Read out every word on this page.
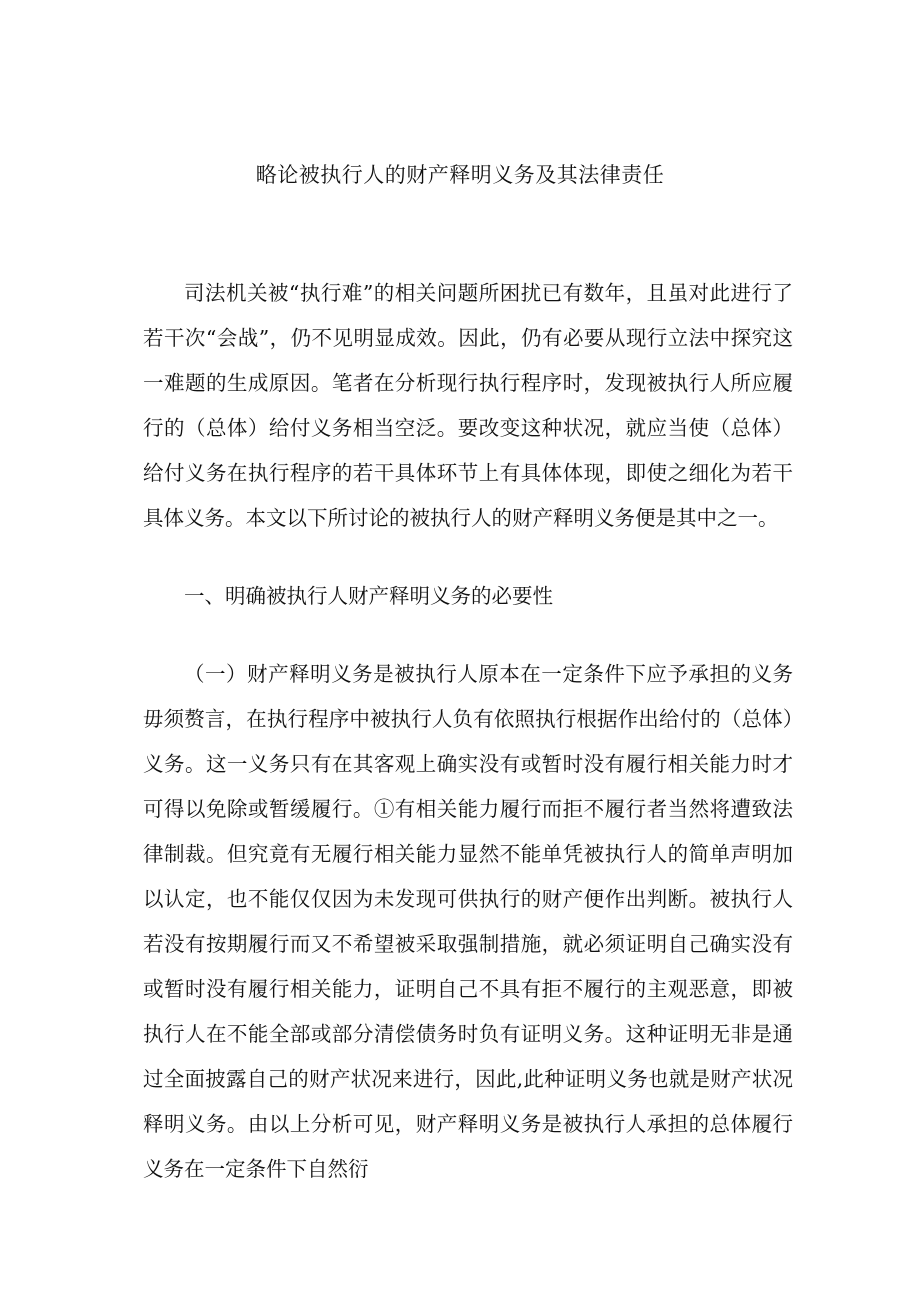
略论被执行人的财产释明义务及其法律责任

司法机关被“执行难”的相关问题所困扰已有数年，且虽对此进行了若干次“会战”，仍不见明显成效。因此，仍有必要从现行立法中探究这一难题的生成原因。笔者在分析现行执行程序时，发现被执行人所应履行的（总体）给付义务相当空泛。要改变这种状况，就应当使（总体）给付义务在执行程序的若干具体环节上有具体体现，即使之细化为若干具体义务。本文以下所讨论的被执行人的财产释明义务便是其中之一。

一、明确被执行人财产释明义务的必要性

（一）财产释明义务是被执行人原本在一定条件下应予承担的义务毋须赘言，在执行程序中被执行人负有依照执行根据作出给付的（总体）义务。这一义务只有在其客观上确实没有或暂时没有履行相关能力时才可得以免除或暂缓履行。①有相关能力履行而拒不履行者当然将遭致法律制裁。但究竟有无履行相关能力显然不能单凭被执行人的简单声明加以认定，也不能仅仅因为未发现可供执行的财产便作出判断。被执行人若没有按期履行而又不希望被采取强制措施，就必须证明自己确实没有或暂时没有履行相关能力，证明自己不具有拒不履行的主观恶意，即被执行人在不能全部或部分清偿债务时负有证明义务。这种证明无非是通过全面披露自己的财产状况来进行，因此,此种证明义务也就是财产状况释明义务。由以上分析可见，财产释明义务是被执行人承担的总体履行义务在一定条件下自然衍
